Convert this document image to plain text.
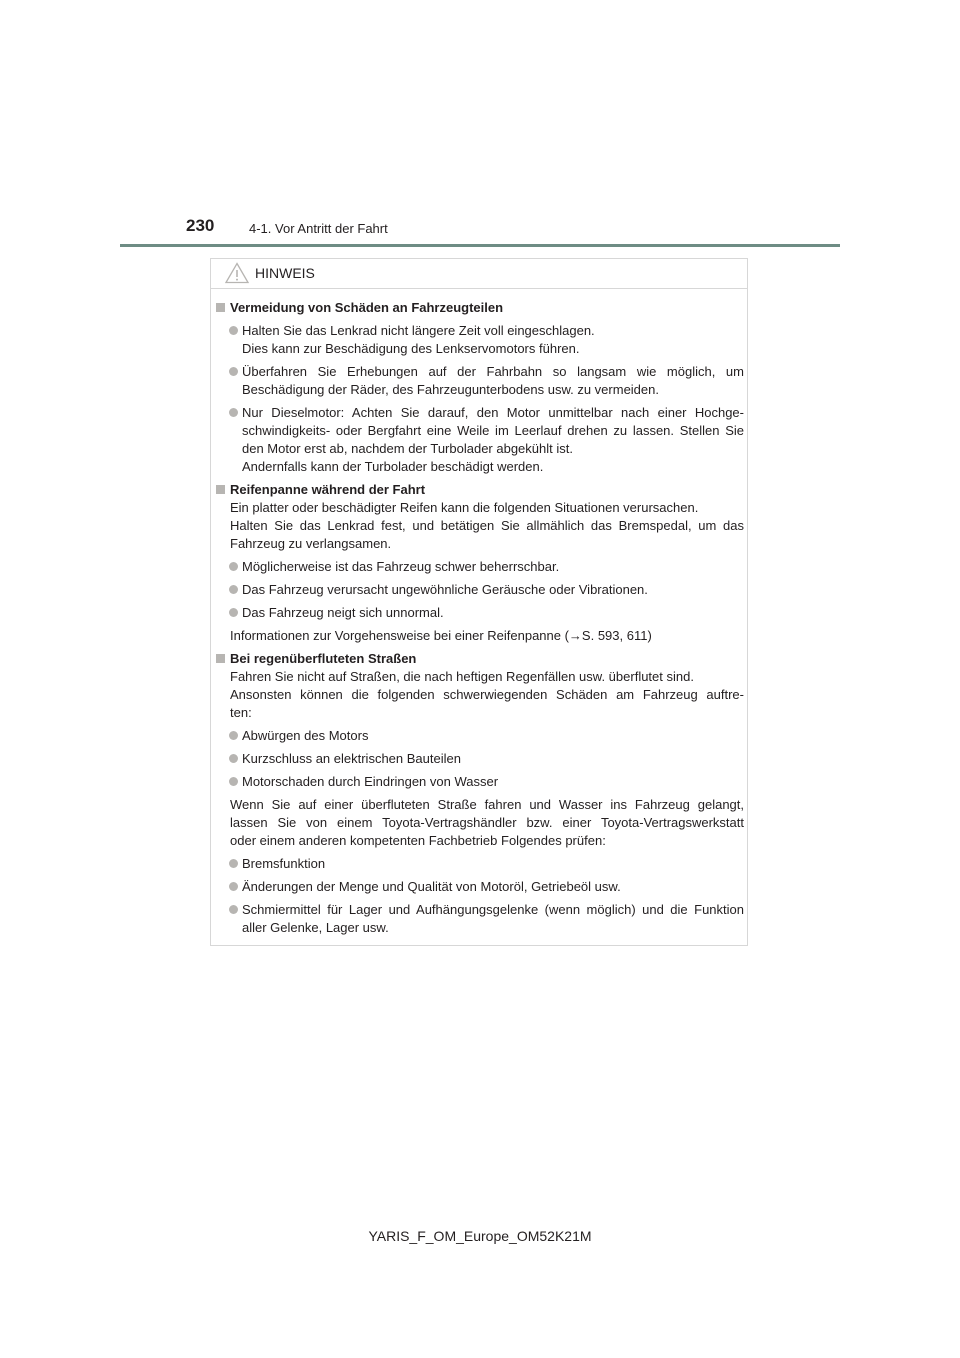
230	4-1. Vor Antritt der Fahrt
HINWEIS
Vermeidung von Schäden an Fahrzeugteilen
Halten Sie das Lenkrad nicht längere Zeit voll eingeschlagen.
Dies kann zur Beschädigung des Lenkservomotors führen.
Überfahren Sie Erhebungen auf der Fahrbahn so langsam wie möglich, um
Beschädigung der Räder, des Fahrzeugunterbodens usw. zu vermeiden.
Nur Dieselmotor: Achten Sie darauf, den Motor unmittelbar nach einer Hochge-
schwindigkeits- oder Bergfahrt eine Weile im Leerlauf drehen zu lassen. Stellen Sie
den Motor erst ab, nachdem der Turbolader abgekühlt ist.
Andernfalls kann der Turbolader beschädigt werden.
Reifenpanne während der Fahrt
Ein platter oder beschädigter Reifen kann die folgenden Situationen verursachen.
Halten Sie das Lenkrad fest, und betätigen Sie allmählich das Bremspedal, um das
Fahrzeug zu verlangsamen.
Möglicherweise ist das Fahrzeug schwer beherrschbar.
Das Fahrzeug verursacht ungewöhnliche Geräusche oder Vibrationen.
Das Fahrzeug neigt sich unnormal.
Informationen zur Vorgehensweise bei einer Reifenpanne (→S. 593, 611)
Bei regenüberfluteten Straßen
Fahren Sie nicht auf Straßen, die nach heftigen Regenfällen usw. überflutet sind.
Ansonsten können die folgenden schwerwiegenden Schäden am Fahrzeug auftre-
ten:
Abwürgen des Motors
Kurzschluss an elektrischen Bauteilen
Motorschaden durch Eindringen von Wasser
Wenn Sie auf einer überfluteten Straße fahren und Wasser ins Fahrzeug gelangt,
lassen Sie von einem Toyota-Vertragshändler bzw. einer Toyota-Vertragswerkstatt
oder einem anderen kompetenten Fachbetrieb Folgendes prüfen:
Bremsfunktion
Änderungen der Menge und Qualität von Motoröl, Getriebeöl usw.
Schmiermittel für Lager und Aufhängungsgelenke (wenn möglich) und die Funktion
aller Gelenke, Lager usw.
YARIS_F_OM_Europe_OM52K21M
